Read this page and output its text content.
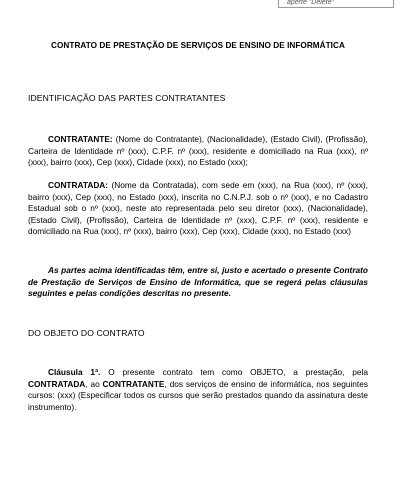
aperte "Delete"
CONTRATO DE PRESTAÇÃO DE SERVIÇOS DE ENSINO DE INFORMÁTICA
IDENTIFICAÇÃO DAS PARTES CONTRATANTES

CONTRATANTE: (Nome do Contratante), (Nacionalidade), (Estado Civil), (Profissão), Carteira de Identidade nº (xxx), C.P.F. nº (xxx), residente e domiciliado na Rua (xxx), nº (xxx), bairro (xxx), Cep (xxx), Cidade (xxx), no Estado (xxx);

CONTRATADA: (Nome da Contratada), com sede em (xxx), na Rua (xxx), nº (xxx), bairro (xxx), Cep (xxx), no Estado (xxx), inscrita no C.N.P.J. sob o nº (xxx), e no Cadastro Estadual sob o nº (xxx), neste ato representada pelo seu diretor (xxx), (Nacionalidade), (Estado Civil), (Profissão), Carteira de Identidade nº (xxx), C.P.F. nº (xxx), residente e domiciliado na Rua (xxx), nº (xxx), bairro (xxx), Cep (xxx), Cidade (xxx), no Estado (xxx)

As partes acima identificadas têm, entre si, justo e acertado o presente Contrato de Prestação de Serviços de Ensino de Informática, que se regerá pelas cláusulas seguintes e pelas condições descritas no presente.

DO OBJETO DO CONTRATO

Cláusula 1ª. O presente contrato tem como OBJETO, a prestação, pela CONTRATADA, ao CONTRATANTE, dos serviços de ensino de informática, nos seguintes cursos: (xxx) (Especificar todos os cursos que serão prestados quando da assinatura deste instrumento).
